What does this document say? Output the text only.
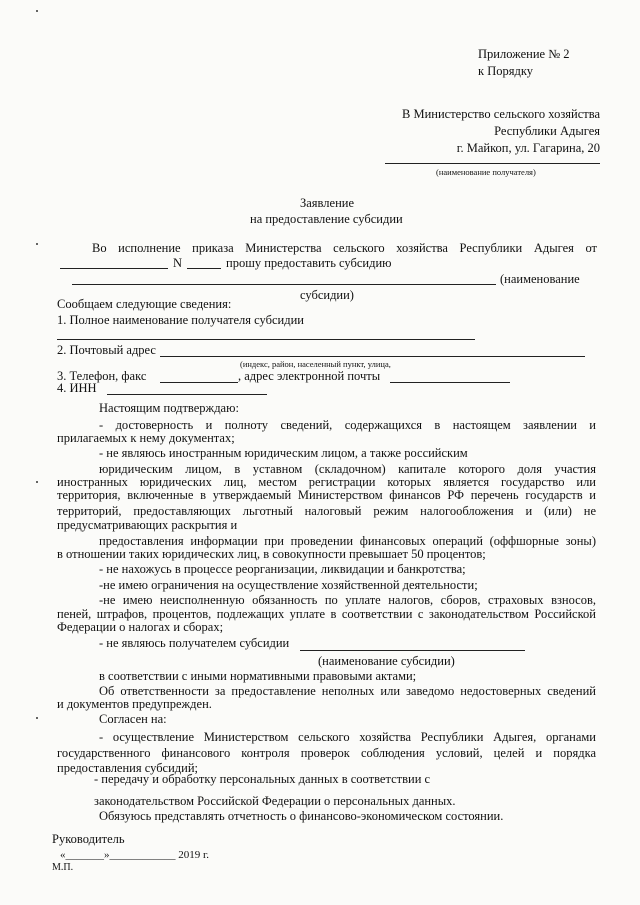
Приложение № 2
к Порядку
В Министерство сельского хозяйства
Республики Адыгея
г. Майкоп, ул. Гагарина, 20
(наименование получателя)
Заявление
на предоставление субсидии
Во исполнение приказа Министерства сельского хозяйства Республики Адыгея от
N	прошу предоставить субсидию
(наименование
субсидии)
Сообщаем следующие сведения:
1. Полное наименование получателя субсидии
2. Почтовый адрес
(индекс, район, населенный пункт, улица,
3. Телефон, факс	, адрес электронной почты
4. ИНН
Настоящим подтверждаю:
- достоверность и полноту сведений, содержащихся в настоящем заявлении и
прилагаемых к нему документах;
- не являюсь иностранным юридическим лицом, а также российским
юридическим лицом, в уставном (складочном) капитале которого доля участия
иностранных юридических лиц, местом регистрации которых является государство или
территория, включенные в утверждаемый Министерством финансов РФ перечень государств и
территорий, предоставляющих льготный налоговый режим налогообложения и (или) не
предусматривающих раскрытия и
предоставления информации при проведении финансовых операций (оффшорные зоны)
в отношении таких юридических лиц, в совокупности превышает 50 процентов;
- не нахожусь в процессе реорганизации, ликвидации и банкротства;
-не имею ограничения на осуществление хозяйственной деятельности;
-не имею неисполненную обязанность по уплате налогов, сборов, страховых взносов,
пеней, штрафов, процентов, подлежащих уплате в соответствии с законодательством Российской
Федерации о налогах и сборах;
- не являюсь получателем субсидии
(наименование субсидии)
в соответствии с иными нормативными правовыми актами;
Об ответственности за предоставление неполных или заведомо недостоверных сведений
и документов предупрежден.
Согласен на:
- осуществление Министерством сельского хозяйства Республики Адыгея, органами
государственного финансового контроля проверок соблюдения условий, целей и порядка
предоставления субсидий;
- передачу и обработку персональных данных в соответствии с
законодательством Российской Федерации о персональных данных.
Обязуюсь представлять отчетность о финансово-экономическом состоянии.
Руководитель
«_______»____________ 2019 г.
М.П.
